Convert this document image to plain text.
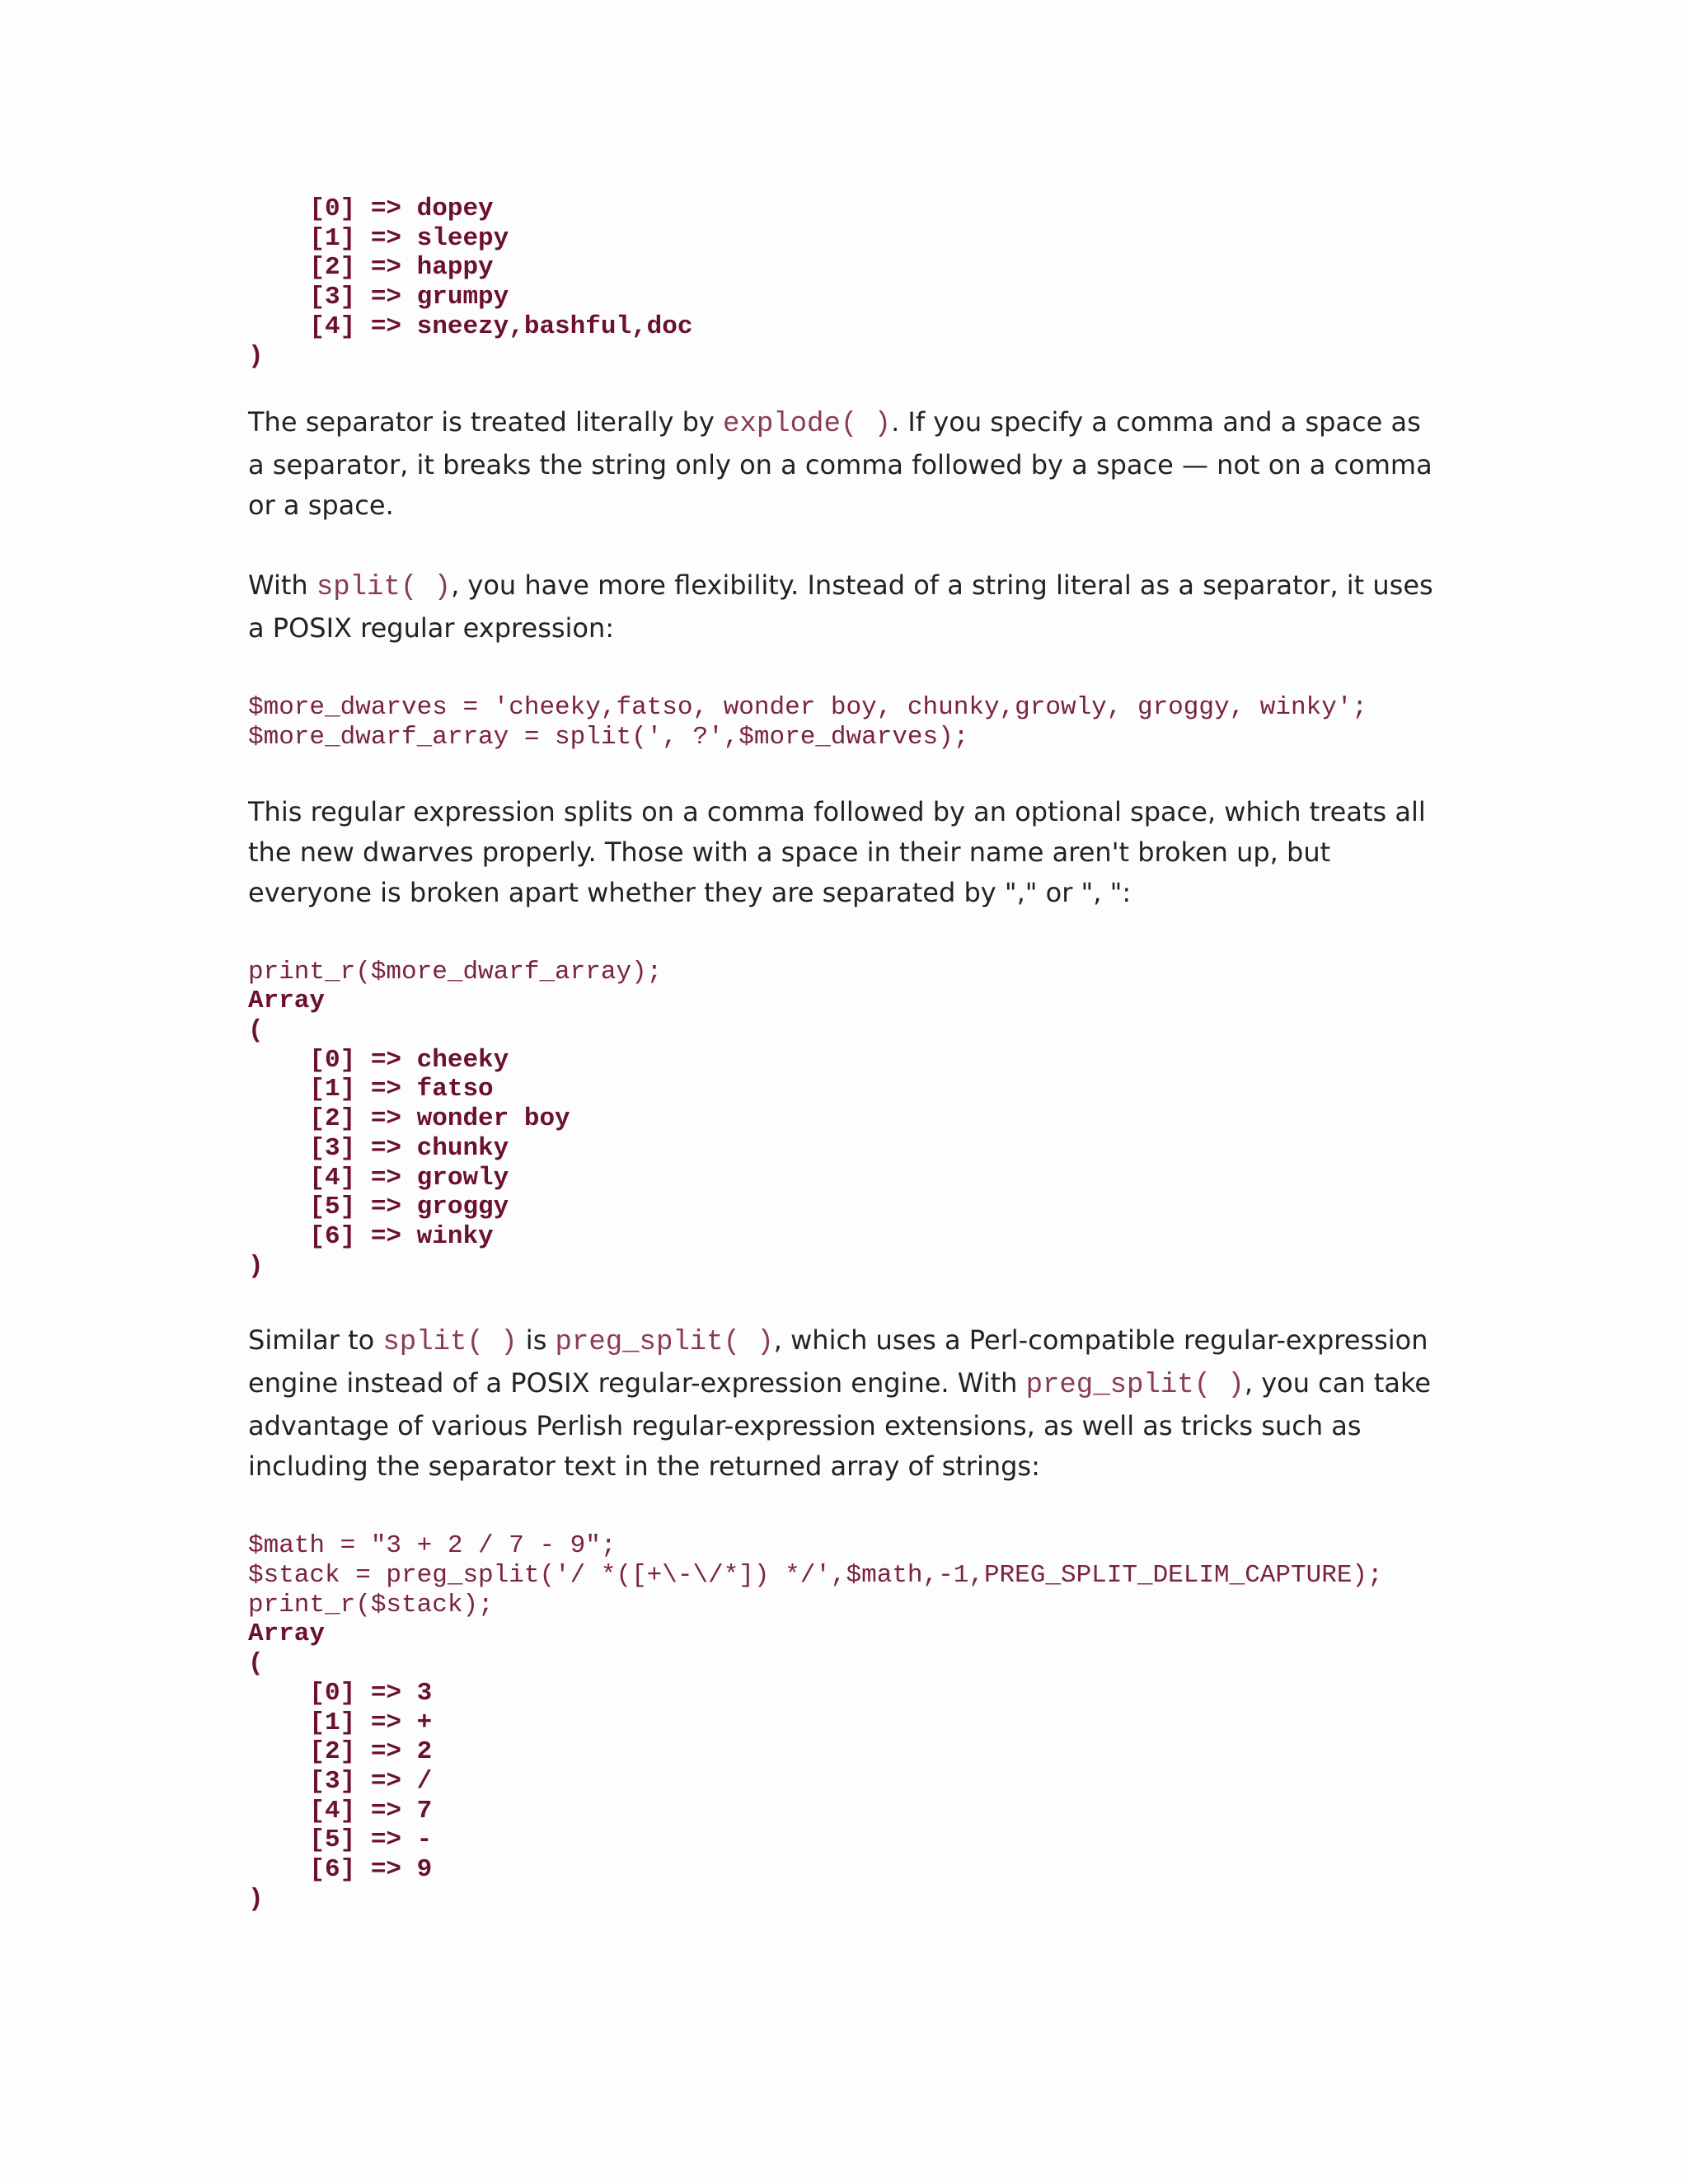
[0] => dopey
[1] => sleepy
[2] => happy
[3] => grumpy
[4] => sneezy,bashful,doc
)

The separator is treated literally by explode( ). If you specify a comma and a space as a separator, it breaks the string only on a comma followed by a space — not on a comma or a space.

With split( ), you have more flexibility. Instead of a string literal as a separator, it uses a POSIX regular expression:

$more_dwarves = 'cheeky,fatso, wonder boy, chunky,growly, groggy, winky';
$more_dwarf_array = split(', ?',$more_dwarves);

This regular expression splits on a comma followed by an optional space, which treats all the new dwarves properly. Those with a space in their name aren't broken up, but everyone is broken apart whether they are separated by "," or ", ":

print_r($more_dwarf_array);
Array
(
[0] => cheeky
[1] => fatso
[2] => wonder boy
[3] => chunky
[4] => growly
[5] => groggy
[6] => winky
)

Similar to split( ) is preg_split( ), which uses a Perl-compatible regular-expression engine instead of a POSIX regular-expression engine. With preg_split( ), you can take advantage of various Perlish regular-expression extensions, as well as tricks such as including the separator text in the returned array of strings:

$math = "3 + 2 / 7 - 9";
$stack = preg_split('/ *([+\-\/*]) */',$math,-1,PREG_SPLIT_DELIM_CAPTURE);
print_r($stack);
Array
(
[0] => 3
[1] => +
[2] => 2
[3] => /
[4] => 7
[5] => -
[6] => 9
)
